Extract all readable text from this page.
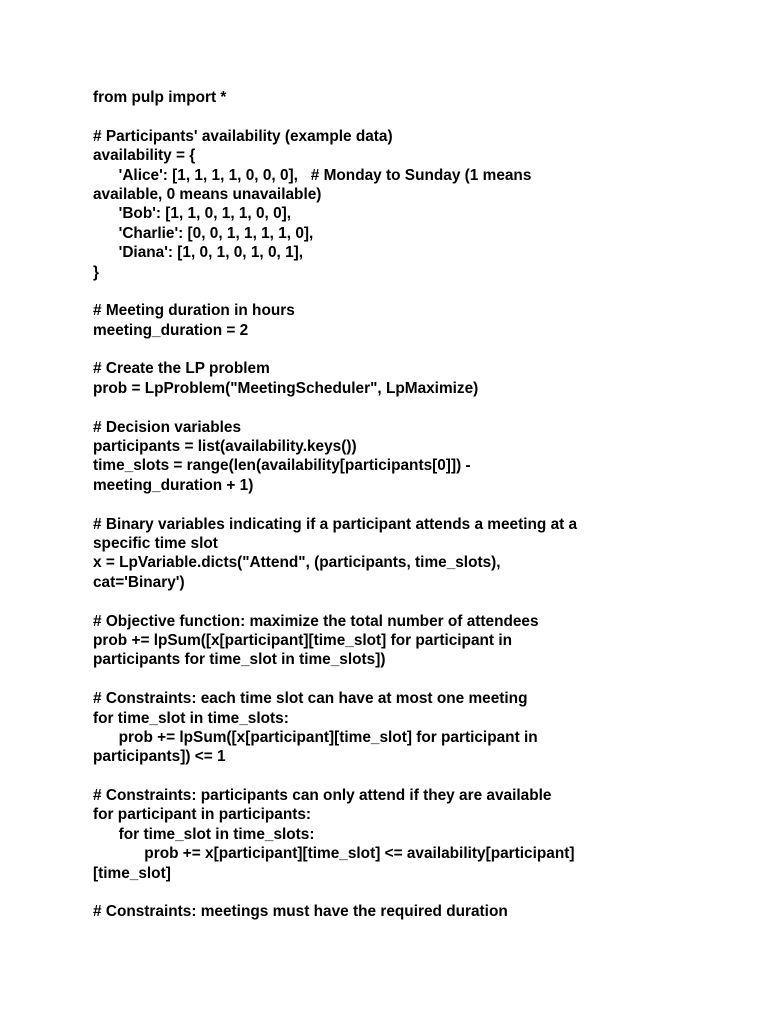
from pulp import *
# Participants' availability (example data)
availability = {
'Alice': [1, 1, 1, 1, 0, 0, 0],   # Monday to Sunday (1 means
available, 0 means unavailable)
'Bob': [1, 1, 0, 1, 1, 0, 0],
'Charlie': [0, 0, 1, 1, 1, 1, 0],
'Diana': [1, 0, 1, 0, 1, 0, 1],
}
# Meeting duration in hours
meeting_duration = 2
# Create the LP problem
prob = LpProblem("MeetingScheduler", LpMaximize)
# Decision variables
participants = list(availability.keys())
time_slots = range(len(availability[participants[0]]) -
meeting_duration + 1)
# Binary variables indicating if a participant attends a meeting at a
specific time slot
x = LpVariable.dicts("Attend", (participants, time_slots),
cat='Binary')
# Objective function: maximize the total number of attendees
prob += lpSum([x[participant][time_slot] for participant in
participants for time_slot in time_slots])
# Constraints: each time slot can have at most one meeting
for time_slot in time_slots:
prob += lpSum([x[participant][time_slot] for participant in
participants]) <= 1
# Constraints: participants can only attend if they are available
for participant in participants:
for time_slot in time_slots:
prob += x[participant][time_slot] <= availability[participant]
[time_slot]
# Constraints: meetings must have the required duration
